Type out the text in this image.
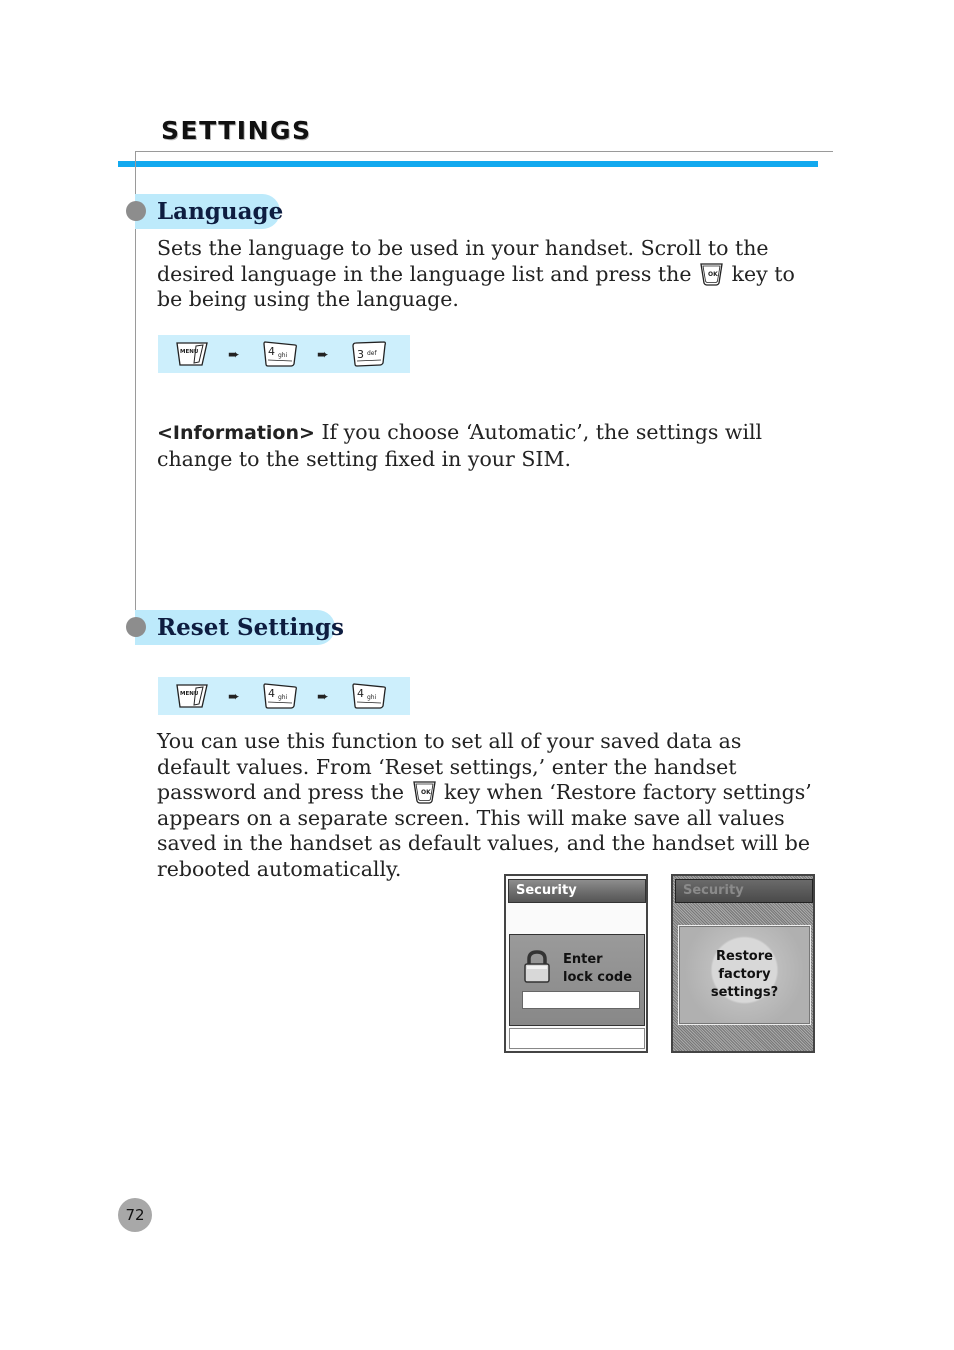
SETTINGS
Language
Sets the language to be used in your handset. Scroll to the desired language in the language list and press the	OK key to be being using the language.
MENU ➨	4 ghi ➨	3 def
<Information> If you choose ‘Automatic’, the settings will change to the setting fixed in your SIM.
Reset Settings
MENU ➨	4 ghi ➨	4 ghi
You can use this function to set all of your saved data as default values. From ‘Reset settings,’ enter the handset password and press the	OK key when ‘Restore factory settings’ appears on a separate screen. This will make save all values saved in the handset as default values, and the handset will be rebooted automatically.
Security
Enter
lock code
Security
Restore
factory
settings?
72
